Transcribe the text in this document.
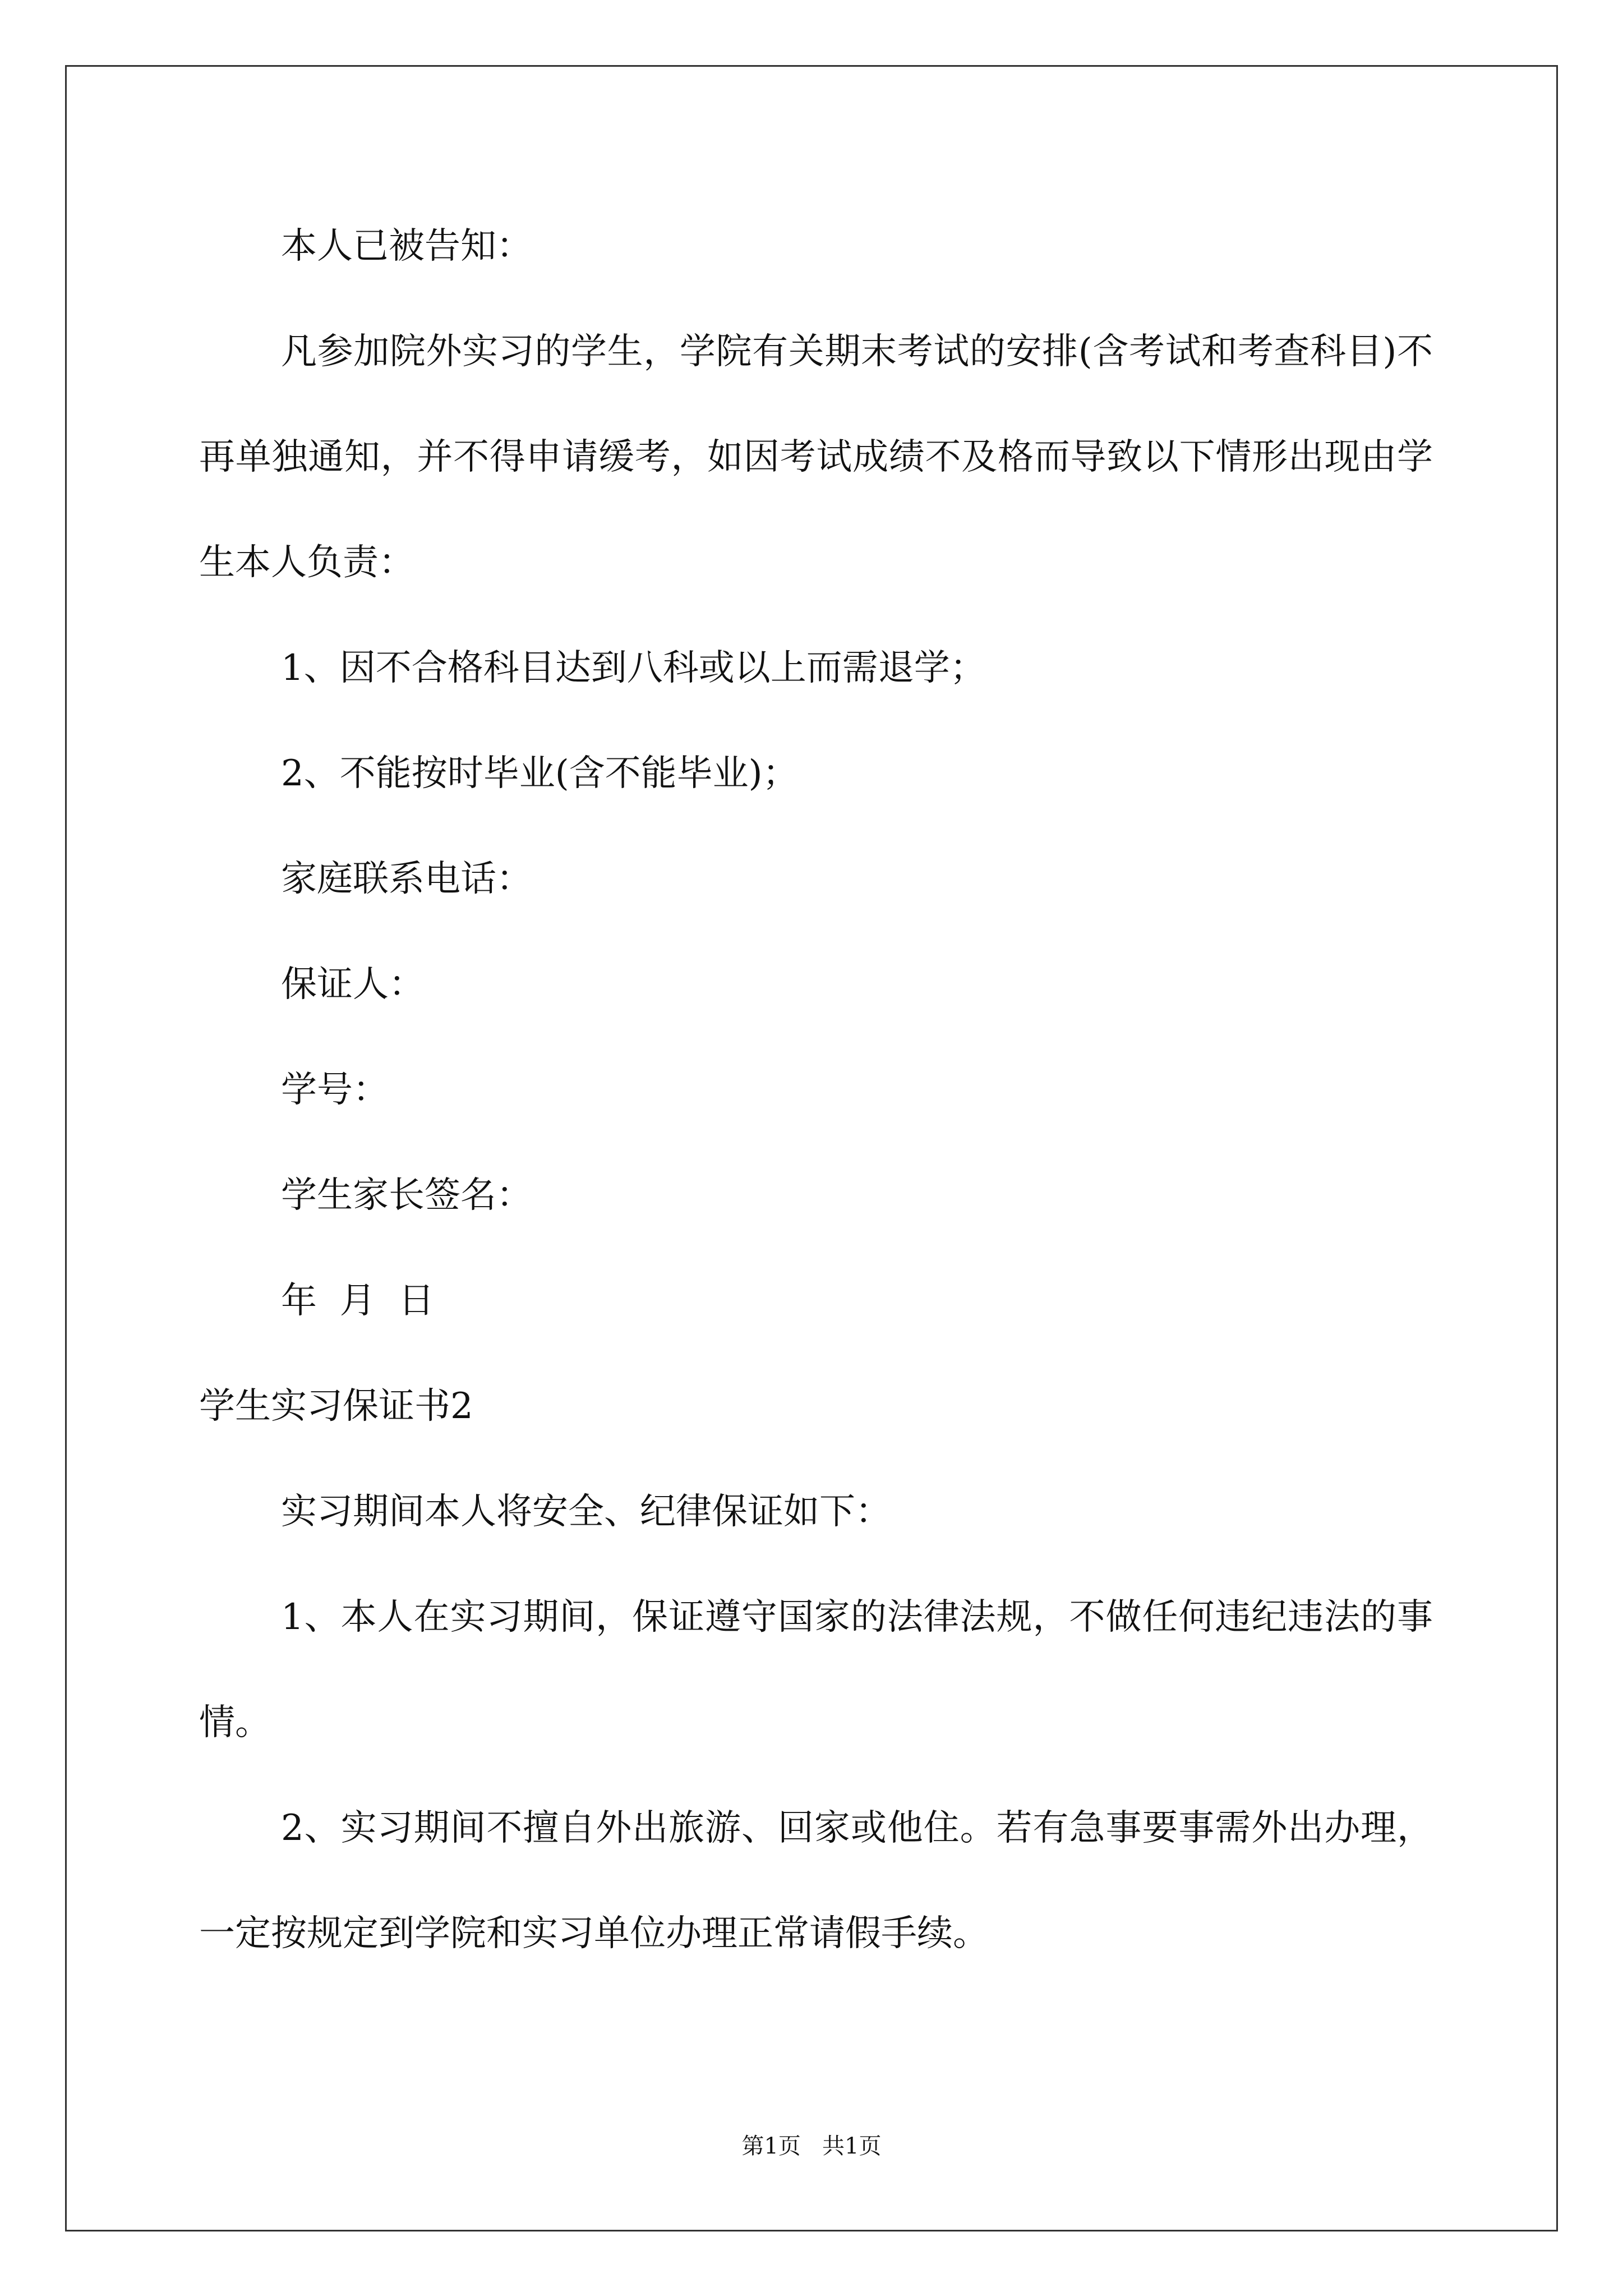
本人已被告知：

凡参加院外实习的学生，学院有关期末考试的安排(含考试和考查科目)不再单独通知，并不得申请缓考，如因考试成绩不及格而导致以下情形出现由学生本人负责：

1、因不合格科目达到八科或以上而需退学；

2、不能按时毕业(含不能毕业)；

家庭联系电话：

保证人：

学号：

学生家长签名：

年  月  日

学生实习保证书2

实习期间本人将安全、纪律保证如下：

1、本人在实习期间，保证遵守国家的法律法规，不做任何违纪违法的事情。

2、实习期间不擅自外出旅游、回家或他住。若有急事要事需外出办理，一定按规定到学院和实习单位办理正常请假手续。

第1页   共1页
